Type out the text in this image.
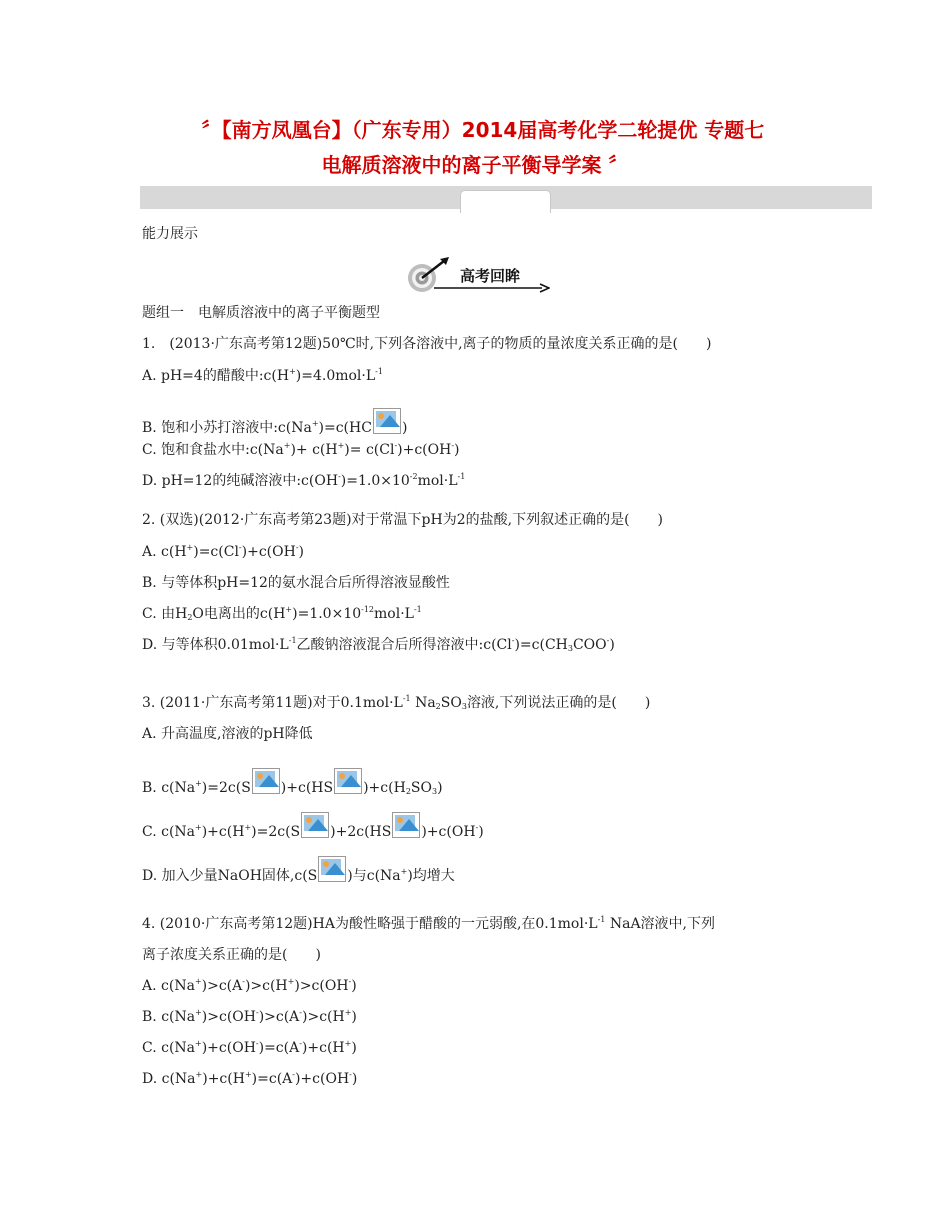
〞【南方凤凰台】（广东专用）2014届高考化学二轮提优 专题七
电解质溶液中的离子平衡导学案 〞
能力展示
高考回眸
题组一　电解质溶液中的离子平衡题型
1.　(2013·广东高考第12题)50℃时,下列各溶液中,离子的物质的量浓度关系正确的是(　　)
A. pH=4的醋酸中$:c(H^+)=4.0mol\cdot L^{-1}$
B. 饱和小苏打溶液中:c(Na+)=c(HC )
C. 饱和食盐水中:c(Na+)+ c(H+)= c(Cl-)+c(OH-)
D. pH=12的纯碱溶液中$:c(OH^-)=1.0\times 10^{-2}mol\cdot L^{-1}$
2. (双选)(2012·广东高考第23题)对于常温下pH为2的盐酸,下列叙述正确的是(　　)
A. c(H+)=c(Cl-)+c(OH-)
B. 与等体积pH=12的氨水混合后所得溶液显酸性
C. 由$H_2O$电离出的$c(H^+)=1.0\times 10^{-12}mol\cdot L^{-1}$
D. 与等体积$0.01mol\cdot L^{-1}$乙酸钠溶液混合后所得溶液中$:c(Cl^-)=c(CH_3COO^-)$
3. (2011·广东高考第11题)对于$0.1mol\cdot L^{-1}$ $Na_2SO_3$溶液,下列说法正确的是(　　)
A. 升高温度,溶液的pH降低
B. c(Na+)=2c(S )+c(HS )$+c(H_2SO_3)$
C. c(Na+)+c(H+)=2c(S )+2c(HS )+c(OH-)
D. 加入少量NaOH固体,c(S )与c(Na+)均增大
4. (2010·广东高考第12题)HA为酸性略强于醋酸的一元弱酸,在$0.1mol\cdot L^{-1}$ NaA溶液中,下列
离子浓度关系正确的是(　　)
A. c(Na+)>c(A-)>c(H+)>c(OH-)
B. c(Na+)>c(OH-)>c(A-)>c(H+)
C. c(Na+)+c(OH-)=c(A-)+c(H+)
D. c(Na+)+c(H+)=c(A-)+c(OH-)
